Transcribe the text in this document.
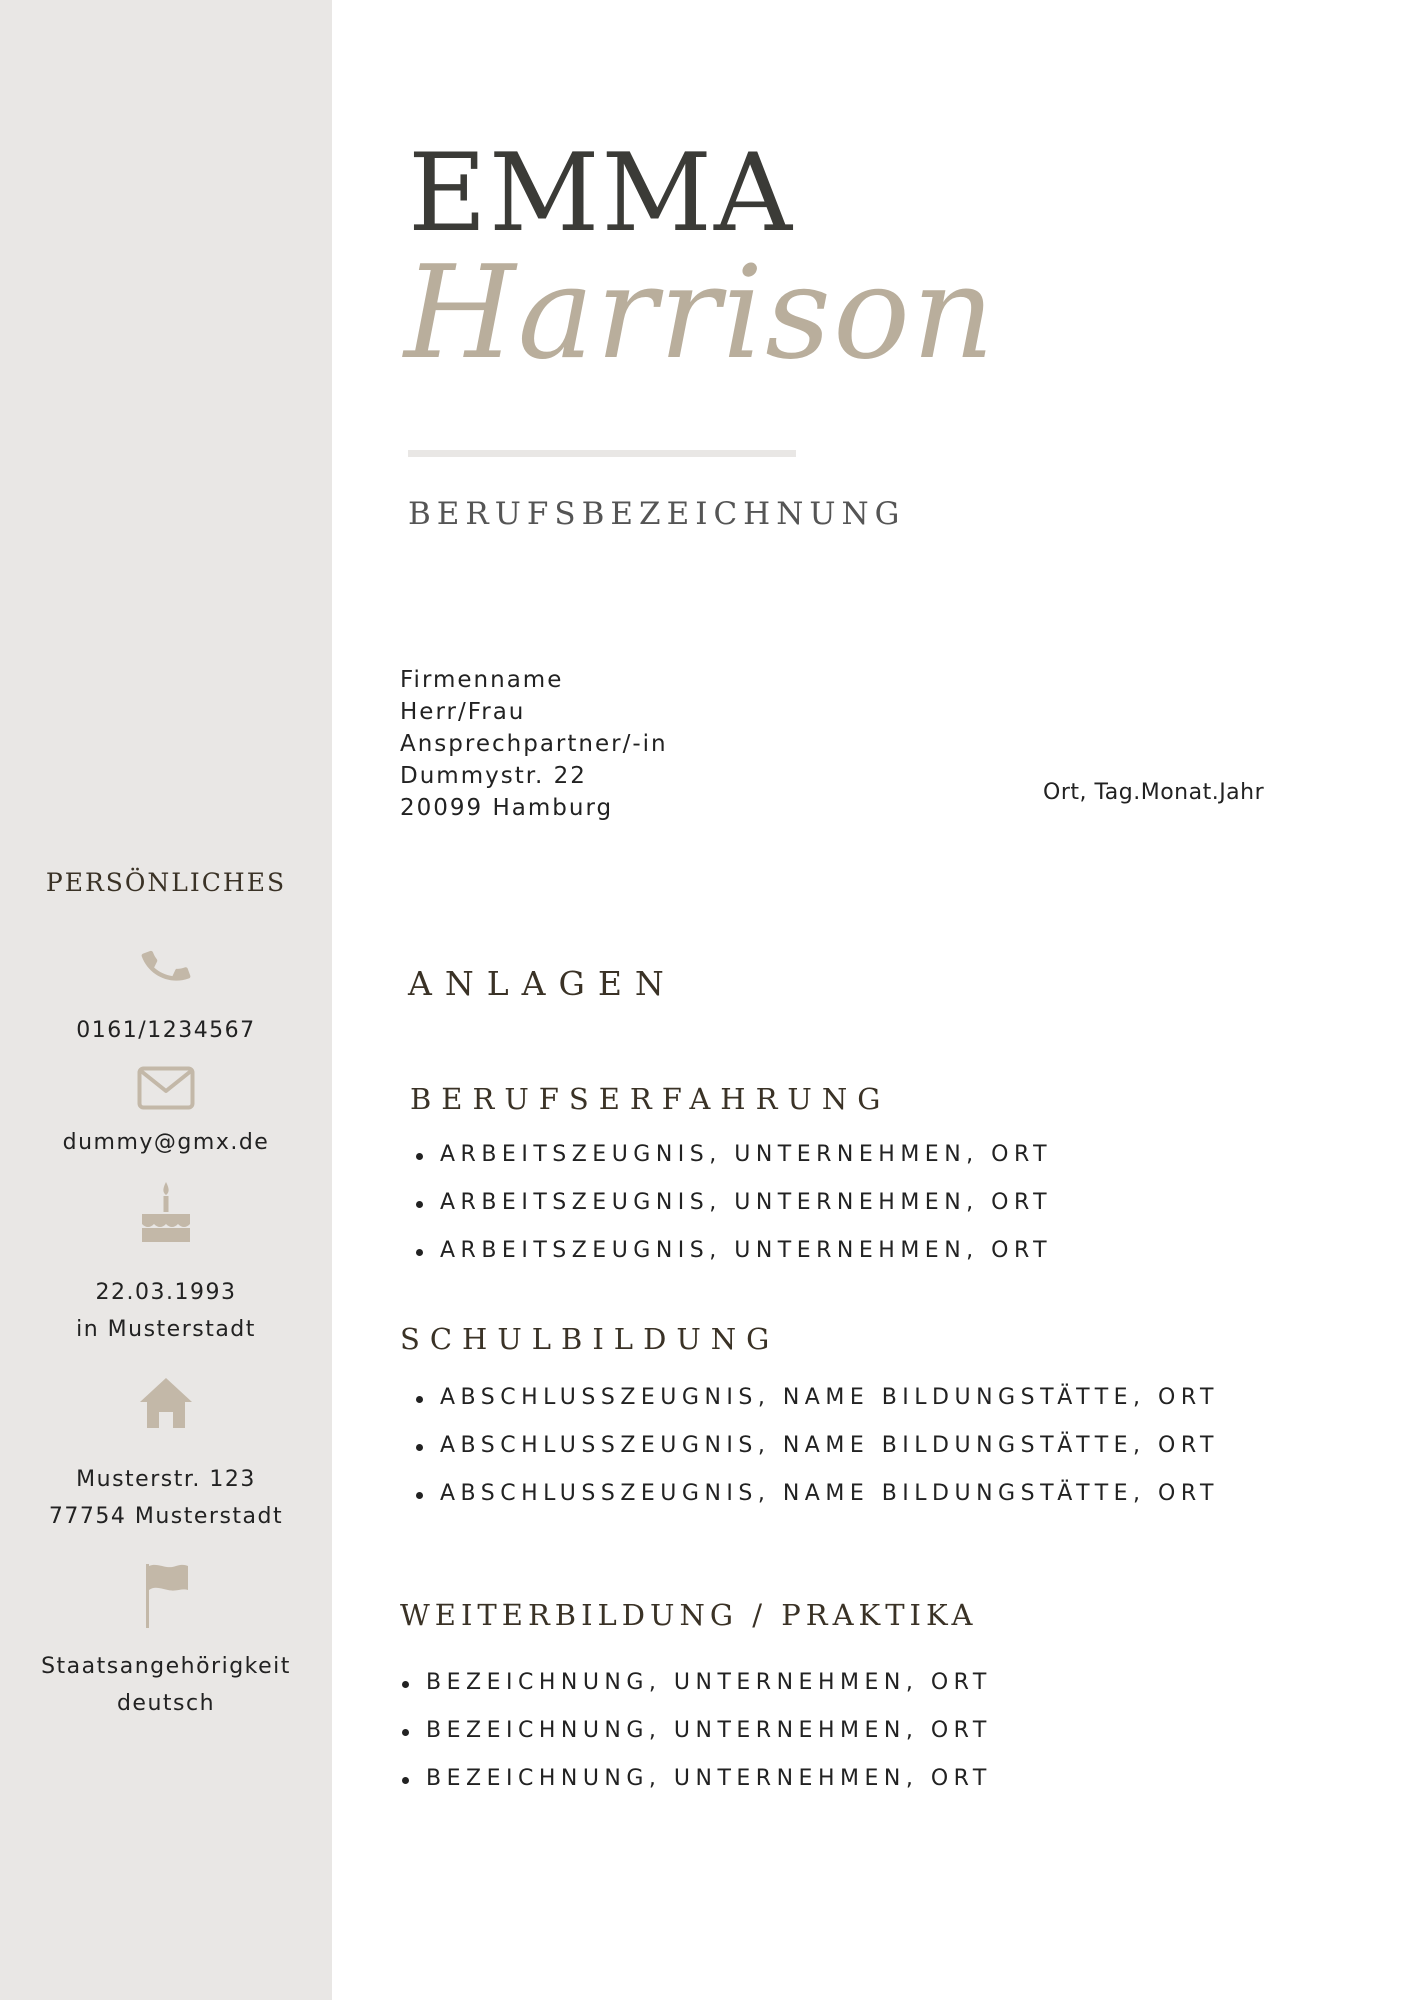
EMMA
Harrison
BERUFSBEZEICHNUNG
Firmenname
Herr/Frau
Ansprechpartner/-in
Dummystr. 22
20099 Hamburg
Ort, Tag.Monat.Jahr
PERSÖNLICHES
0161/1234567
dummy@gmx.de
22.03.1993
in Musterstadt
Musterstr. 123
77754 Musterstadt
Staatsangehörigkeit
deutsch
ANLAGEN
BERUFSERFAHRUNG
ARBEITSZEUGNIS, UNTERNEHMEN, ORT
ARBEITSZEUGNIS, UNTERNEHMEN, ORT
ARBEITSZEUGNIS, UNTERNEHMEN, ORT
SCHULBILDUNG
ABSCHLUSSZEUGNIS, NAME BILDUNGSTÄTTE, ORT
ABSCHLUSSZEUGNIS, NAME BILDUNGSTÄTTE, ORT
ABSCHLUSSZEUGNIS, NAME BILDUNGSTÄTTE, ORT
WEITERBILDUNG / PRAKTIKA
BEZEICHNUNG, UNTERNEHMEN, ORT
BEZEICHNUNG, UNTERNEHMEN, ORT
BEZEICHNUNG, UNTERNEHMEN, ORT
